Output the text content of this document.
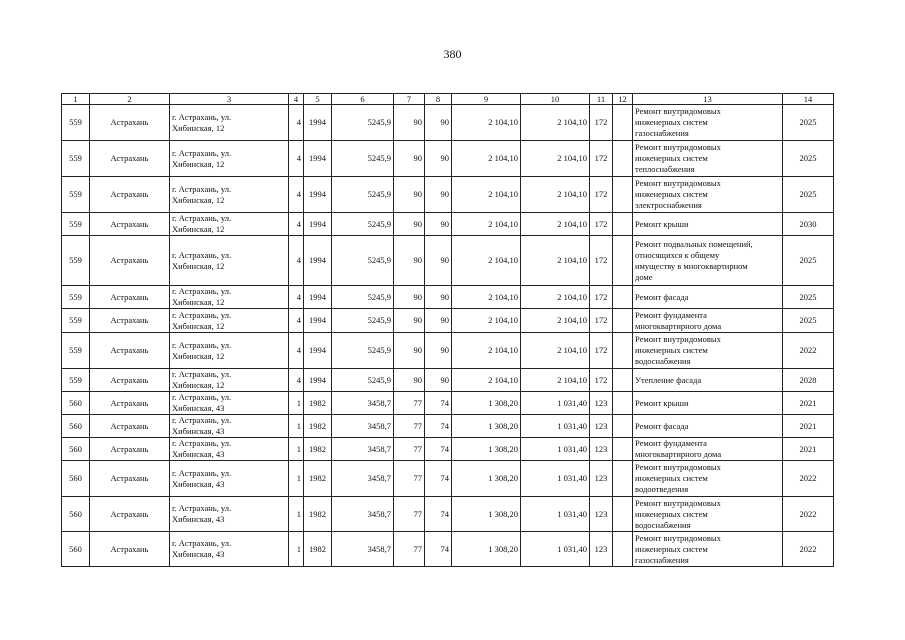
380
1	2	3	4	5	6	7	8	9	10	11	12	13	14
559	Астрахань	г. Астрахань, ул.
Хибинская, 12	4	1994	5245,9	90	90	2 104,10	2 104,10	172		Ремонт внутридомовых
инженерных систем
газоснабжения	2025
559	Астрахань	г. Астрахань, ул.
Хибинская, 12	4	1994	5245,9	90	90	2 104,10	2 104,10	172		Ремонт внутридомовых
инженерных систем
теплоснабжения	2025
559	Астрахань	г. Астрахань, ул.
Хибинская, 12	4	1994	5245,9	90	90	2 104,10	2 104,10	172		Ремонт внутридомовых
инженерных систем
электроснабжения	2025
559	Астрахань	г. Астрахань, ул.
Хибинская, 12	4	1994	5245,9	90	90	2 104,10	2 104,10	172		Ремонт крыши	2030
559	Астрахань	г. Астрахань, ул.
Хибинская, 12	4	1994	5245,9	90	90	2 104,10	2 104,10	172		Ремонт подвальных помещений,
относящихся к общему
имуществу в многоквартирном
доме	2025
559	Астрахань	г. Астрахань, ул.
Хибинская, 12	4	1994	5245,9	90	90	2 104,10	2 104,10	172		Ремонт фасада	2025
559	Астрахань	г. Астрахань, ул.
Хибинская, 12	4	1994	5245,9	90	90	2 104,10	2 104,10	172		Ремонт фундамента
многоквартирного дома	2025
559	Астрахань	г. Астрахань, ул.
Хибинская, 12	4	1994	5245,9	90	90	2 104,10	2 104,10	172		Ремонт внутридомовых
инженерных систем
водоснабжения	2022
559	Астрахань	г. Астрахань, ул.
Хибинская, 12	4	1994	5245,9	90	90	2 104,10	2 104,10	172		Утепление фасада	2028
560	Астрахань	г. Астрахань, ул.
Хибинская, 43	1	1982	3458,7	77	74	1 308,20	1 031,40	123		Ремонт крыши	2021
560	Астрахань	г. Астрахань, ул.
Хибинская, 43	1	1982	3458,7	77	74	1 308,20	1 031,40	123		Ремонт фасада	2021
560	Астрахань	г. Астрахань, ул.
Хибинская, 43	1	1982	3458,7	77	74	1 308,20	1 031,40	123		Ремонт фундамента
многоквартирного дома	2021
560	Астрахань	г. Астрахань, ул.
Хибинская, 43	1	1982	3458,7	77	74	1 308,20	1 031,40	123		Ремонт внутридомовых
инженерных систем
водоотведения	2022
560	Астрахань	г. Астрахань, ул.
Хибинская, 43	1	1982	3458,7	77	74	1 308,20	1 031,40	123		Ремонт внутридомовых
инженерных систем
водоснабжения	2022
560	Астрахань	г. Астрахань, ул.
Хибинская, 43	1	1982	3458,7	77	74	1 308,20	1 031,40	123		Ремонт внутридомовых
инженерных систем
газоснабжения	2022
